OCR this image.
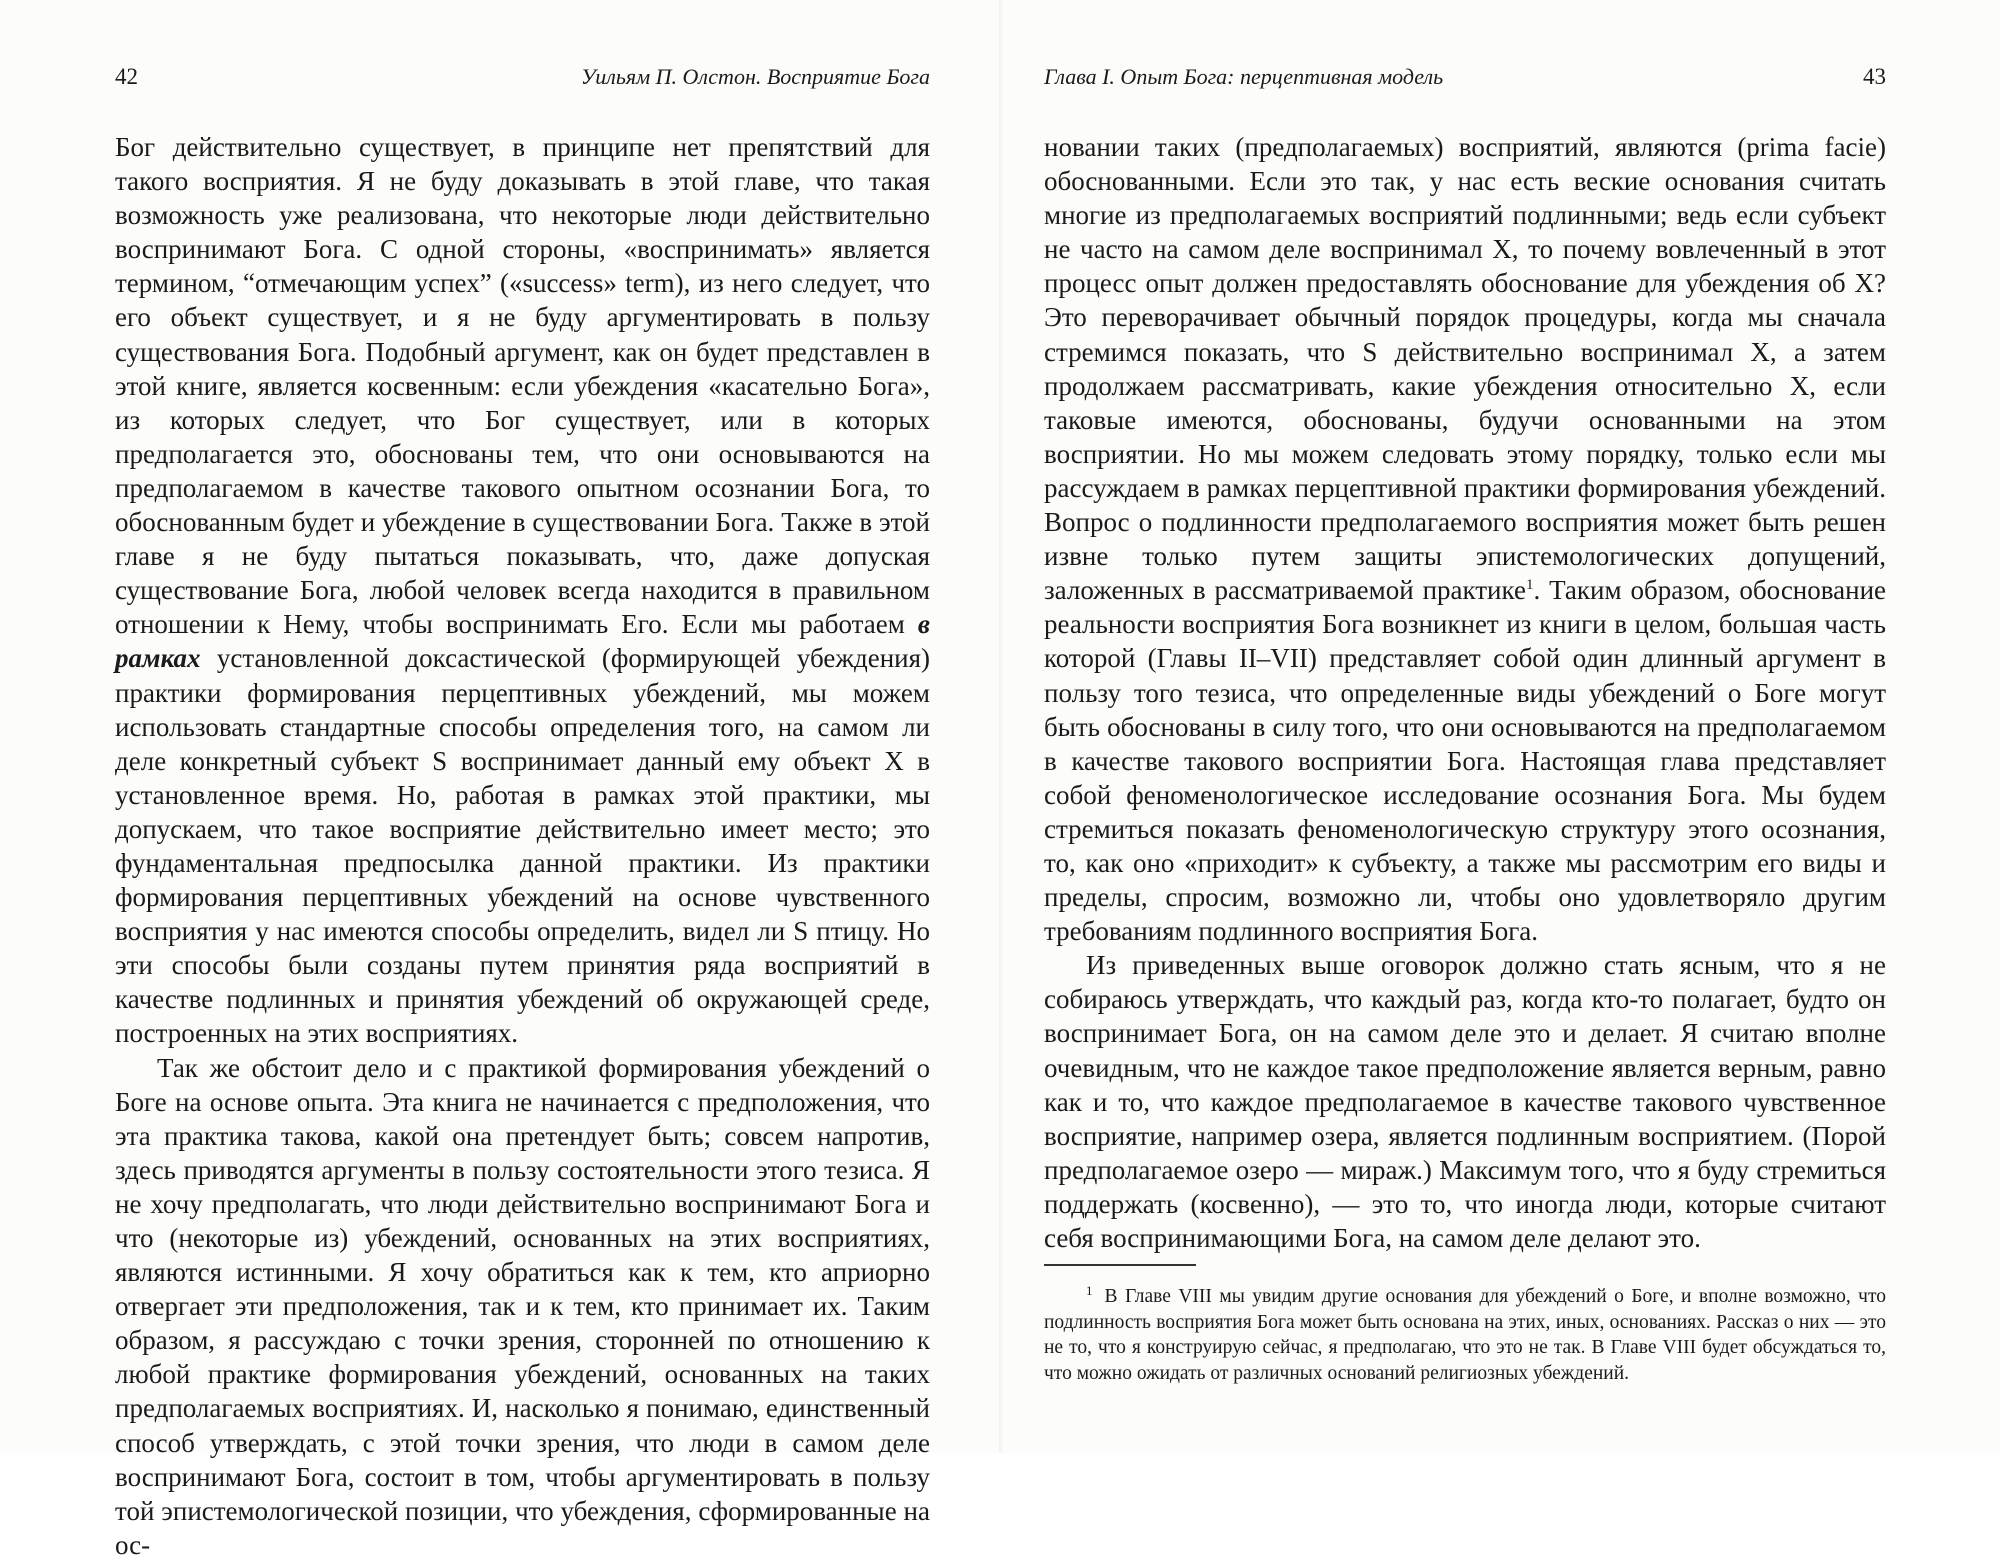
42	Уильям П. Олстон. Восприятие Бога

Бог действительно существует, в принципе нет препятствий для такого восприятия. Я не буду доказывать в этой главе, что такая возможность уже реализована, что некоторые люди действительно воспринимают Бога. С одной стороны, «воспринимать» является термином, “отмечающим успех” («success» term), из него следует, что его объект существует, и я не буду аргументировать в пользу существования Бога. Подобный аргумент, как он будет представлен в этой книге, является косвенным: если убеждения «касательно Бога», из которых следует, что Бог существует, или в которых предполагается это, обоснованы тем, что они основываются на предполагаемом в качестве такового опытном осознании Бога, то обоснованным будет и убеждение в существовании Бога. Также в этой главе я не буду пытаться показывать, что, даже допуская существование Бога, любой человек всегда находится в правильном отношении к Нему, чтобы воспринимать Его. Если мы работаем в рамках установленной доксастической (формирующей убеждения) практики формирования перцептивных убеждений, мы можем использовать стандартные способы определения того, на самом ли деле конкретный субъект S воспринимает данный ему объект X в установленное время. Но, работая в рамках этой практики, мы допускаем, что такое восприятие действительно имеет место; это фундаментальная предпосылка данной практики. Из практики формирования перцептивных убеждений на основе чувственного восприятия у нас имеются способы определить, видел ли S птицу. Но эти способы были созданы путем принятия ряда восприятий в качестве подлинных и принятия убеждений об окружающей среде, построенных на этих восприятиях.

Так же обстоит дело и с практикой формирования убеждений о Боге на основе опыта. Эта книга не начинается с предположения, что эта практика такова, какой она претендует быть; совсем напротив, здесь приводятся аргументы в пользу состоятельности этого тезиса. Я не хочу предполагать, что люди действительно воспринимают Бога и что (некоторые из) убеждений, основанных на этих восприятиях, являются истинными. Я хочу обратиться как к тем, кто априорно отвергает эти предположения, так и к тем, кто принимает их. Таким образом, я рассуждаю с точки зрения, сторонней по отношению к любой практике формирования убеждений, основанных на таких предполагаемых восприятиях. И, насколько я понимаю, единственный способ утверждать, с этой точки зрения, что люди в самом деле воспринимают Бога, состоит в том, чтобы аргументировать в пользу той эпистемологической позиции, что убеждения, сформированные на ос-

Глава I. Опыт Бога: перцептивная модель	43

новании таких (предполагаемых) восприятий, являются (prima facie) обоснованными. Если это так, у нас есть веские основания считать многие из предполагаемых восприятий подлинными; ведь если субъект не часто на самом деле воспринимал X, то почему вовлеченный в этот процесс опыт должен предоставлять обоснование для убеждения об X? Это переворачивает обычный порядок процедуры, когда мы сначала стремимся показать, что S действительно воспринимал X, а затем продолжаем рассматривать, какие убеждения относительно X, если таковые имеются, обоснованы, будучи основанными на этом восприятии. Но мы можем следовать этому порядку, только если мы рассуждаем в рамках перцептивной практики формирования убеждений. Вопрос о подлинности предполагаемого восприятия может быть решен извне только путем защиты эпистемологических допущений, заложенных в рассматриваемой практике$^1$. Таким образом, обоснование реальности восприятия Бога возникнет из книги в целом, большая часть которой (Главы II–VII) представляет собой один длинный аргумент в пользу того тезиса, что определенные виды убеждений о Боге могут быть обоснованы в силу того, что они основываются на предполагаемом в качестве такового восприятии Бога. Настоящая глава представляет собой феноменологическое исследование осознания Бога. Мы будем стремиться показать феноменологическую структуру этого осознания, то, как оно «приходит» к субъекту, а также мы рассмотрим его виды и пределы, спросим, возможно ли, чтобы оно удовлетворяло другим требованиям подлинного восприятия Бога.

Из приведенных выше оговорок должно стать ясным, что я не собираюсь утверждать, что каждый раз, когда кто-то полагает, будто он воспринимает Бога, он на самом деле это и делает. Я считаю вполне очевидным, что не каждое такое предположение является верным, равно как и то, что каждое предполагаемое в качестве такового чувственное восприятие, например озера, является подлинным восприятием. (Порой предполагаемое озеро — мираж.) Максимум того, что я буду стремиться поддержать (косвенно), — это то, что иногда люди, которые считают себя воспринимающими Бога, на самом деле делают это.

$^1$ В Главе VIII мы увидим другие основания для убеждений о Боге, и вполне возможно, что подлинность восприятия Бога может быть основана на этих, иных, основаниях. Рассказ о них — это не то, что я конструирую сейчас, я предполагаю, что это не так. В Главе VIII будет обсуждаться то, что можно ожидать от различных оснований религиозных убеждений.
